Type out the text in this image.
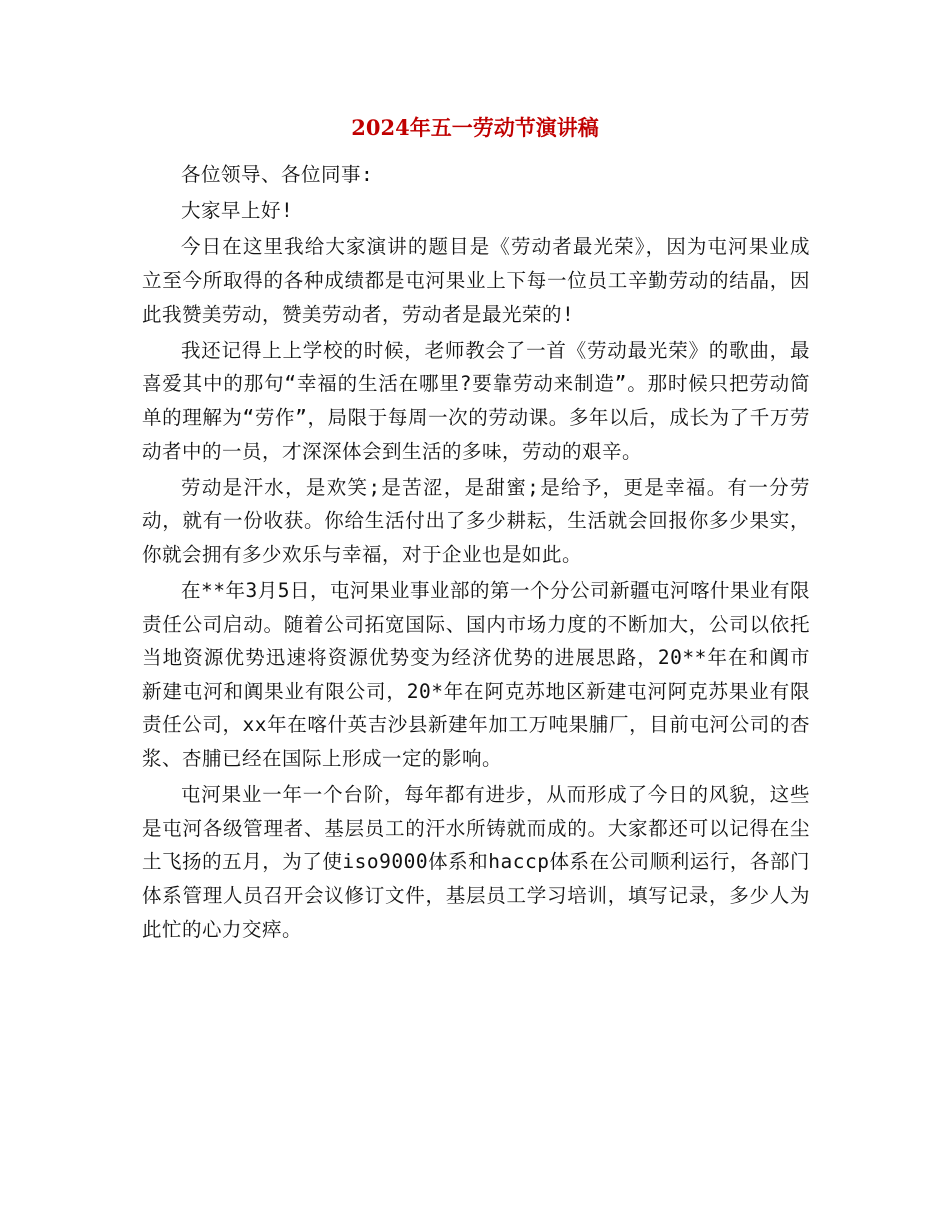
2024年五一劳动节演讲稿

各位领导、各位同事:

大家早上好!

今日在这里我给大家演讲的题目是《劳动者最光荣》，因为屯河果业成立至今所取得的各种成绩都是屯河果业上下每一位员工辛勤劳动的结晶，因此我赞美劳动，赞美劳动者，劳动者是最光荣的!

我还记得上上学校的时候，老师教会了一首《劳动最光荣》的歌曲，最喜爱其中的那句“幸福的生活在哪里?要靠劳动来制造”。那时候只把劳动简单的理解为“劳作”，局限于每周一次的劳动课。多年以后，成长为了千万劳动者中的一员，才深深体会到生活的多味，劳动的艰辛。

劳动是汗水，是欢笑;是苦涩，是甜蜜;是给予，更是幸福。有一分劳动，就有一份收获。你给生活付出了多少耕耘，生活就会回报你多少果实，你就会拥有多少欢乐与幸福，对于企业也是如此。

在**年3月5日，屯河果业事业部的第一个分公司新疆屯河喀什果业有限责任公司启动。随着公司拓宽国际、国内市场力度的不断加大，公司以依托当地资源优势迅速将资源优势变为经济优势的进展思路，20**年在和阗市新建屯河和阗果业有限公司，20*年在阿克苏地区新建屯河阿克苏果业有限责任公司，xx年在喀什英吉沙县新建年加工万吨果脯厂，目前屯河公司的杏浆、杏脯已经在国际上形成一定的影响。

屯河果业一年一个台阶，每年都有进步，从而形成了今日的风貌，这些是屯河各级管理者、基层员工的汗水所铸就而成的。大家都还可以记得在尘土飞扬的五月，为了使iso9000体系和haccp体系在公司顺利运行，各部门体系管理人员召开会议修订文件，基层员工学习培训，填写记录，多少人为此忙的心力交瘁。
